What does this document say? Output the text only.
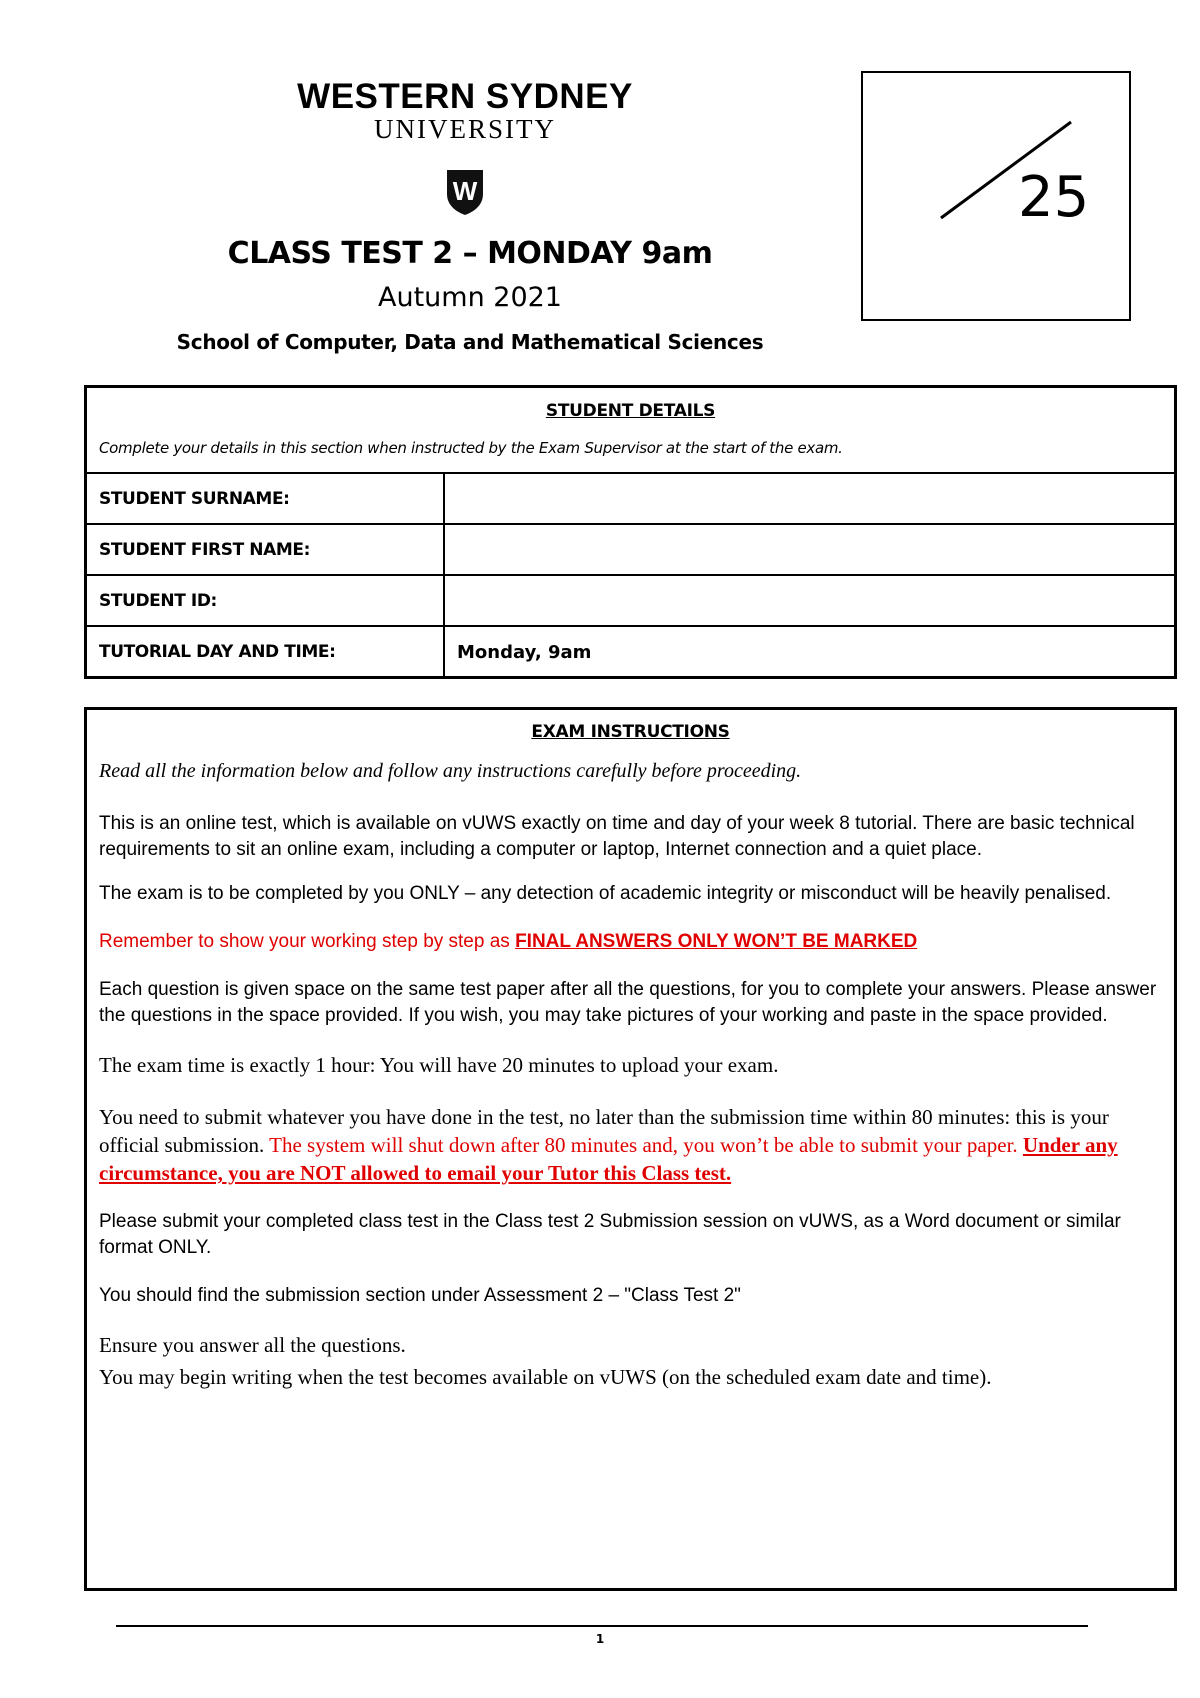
WESTERN SYDNEY
UNIVERSITY
W
CLASS TEST 2 – MONDAY 9am
Autumn 2021
School of Computer, Data and Mathematical Sciences
25
STUDENT DETAILS
Complete your details in this section when instructed by the Exam Supervisor at the start of the exam.
STUDENT SURNAME:
STUDENT FIRST NAME:
STUDENT ID:
TUTORIAL DAY AND TIME:	Monday, 9am
EXAM INSTRUCTIONS
Read all the information below and follow any instructions carefully before proceeding.

This is an online test, which is available on vUWS exactly on time and day of your week 8 tutorial. There are basic technical requirements to sit an online exam, including a computer or laptop, Internet connection and a quiet place.

The exam is to be completed by you ONLY – any detection of academic integrity or misconduct will be heavily penalised.

Remember to show your working step by step as FINAL ANSWERS ONLY WON’T BE MARKED

Each question is given space on the same test paper after all the questions, for you to complete your answers. Please answer the questions in the space provided. If you wish, you may take pictures of your working and paste in the space provided.

The exam time is exactly 1 hour: You will have 20 minutes to upload your exam.

You need to submit whatever you have done in the test, no later than the submission time within 80 minutes: this is your official submission. The system will shut down after 80 minutes and, you won’t be able to submit your paper. Under any circumstance, you are NOT allowed to email your Tutor this Class test.

Please submit your completed class test in the Class test 2 Submission session on vUWS, as a Word document or similar format ONLY.

You should find the submission section under Assessment 2 – "Class Test 2"

Ensure you answer all the questions.

You may begin writing when the test becomes available on vUWS (on the scheduled exam date and time).

1
